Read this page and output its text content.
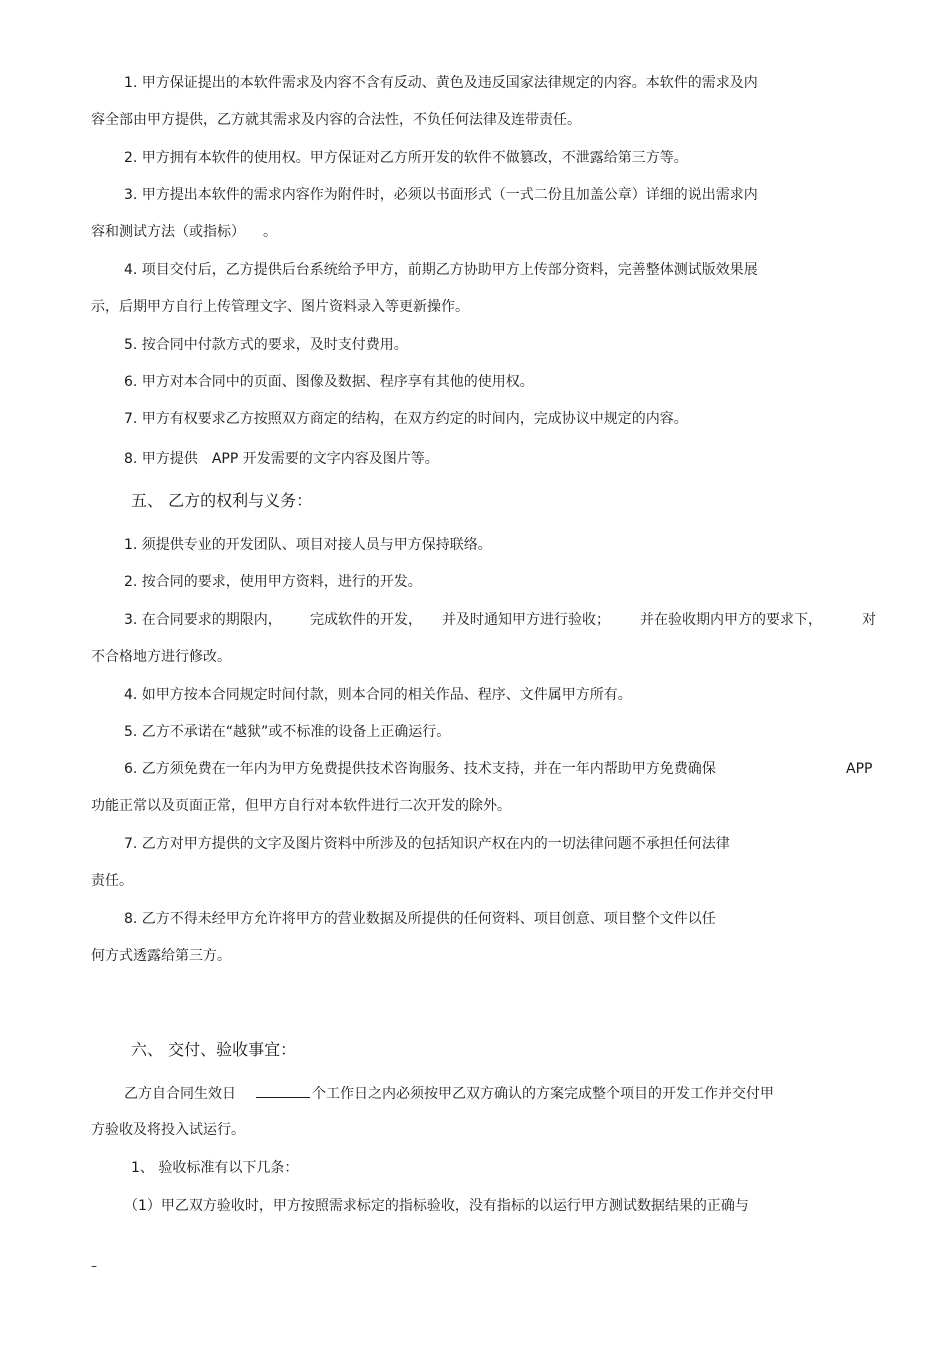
1. 甲方保证提出的本软件需求及内容不含有反动、黄色及违反国家法律规定的内容。本软件的需求及内

容全部由甲方提供，乙方就其需求及内容的合法性，不负任何法律及连带责任。

2. 甲方拥有本软件的使用权。甲方保证对乙方所开发的软件不做篡改，不泄露给第三方等。

3. 甲方提出本软件的需求内容作为附件时，必须以书面形式（一式二份且加盖公章）详细的说出需求内

容和测试方法（或指标） 。

4. 项目交付后，乙方提供后台系统给予甲方，前期乙方协助甲方上传部分资料，完善整体测试版效果展

示，后期甲方自行上传管理文字、图片资料录入等更新操作。

5. 按合同中付款方式的要求，及时支付费用。

6. 甲方对本合同中的页面、图像及数据、程序享有其他的使用权。

7. 甲方有权要求乙方按照双方商定的结构，在双方约定的时间内，完成协议中规定的内容。

8. 甲方提供 APP 开发需要的文字内容及图片等。

五、 乙方的权利与义务：

1. 须提供专业的开发团队、项目对接人员与甲方保持联络。

2. 按合同的要求，使用甲方资料，进行的开发。

3. 在合同要求的期限内， 完成软件的开发， 并及时通知甲方进行验收； 并在验收期内甲方的要求下，	对

不合格地方进行修改。

4. 如甲方按本合同规定时间付款，则本合同的相关作品、程序、文件属甲方所有。

5. 乙方不承诺在“越狱”或不标准的设备上正确运行。

6. 乙方须免费在一年内为甲方免费提供技术咨询服务、技术支持，并在一年内帮助甲方免费确保	APP

功能正常以及页面正常，但甲方自行对本软件进行二次开发的除外。

7. 乙方对甲方提供的文字及图片资料中所涉及的包括知识产权在内的一切法律问题不承担任何法律

责任。

8. 乙方不得未经甲方允许将甲方的营业数据及所提供的任何资料、项目创意、项目整个文件以任

何方式透露给第三方。

六、 交付、验收事宜：

乙方自合同生效日	个工作日之内必须按甲乙双方确认的方案完成整个项目的开发工作并交付甲

方验收及将投入试运行。

1、 验收标准有以下几条：

（1）甲乙双方验收时，甲方按照需求标定的指标验收，没有指标的以运行甲方测试数据结果的正确与

–
